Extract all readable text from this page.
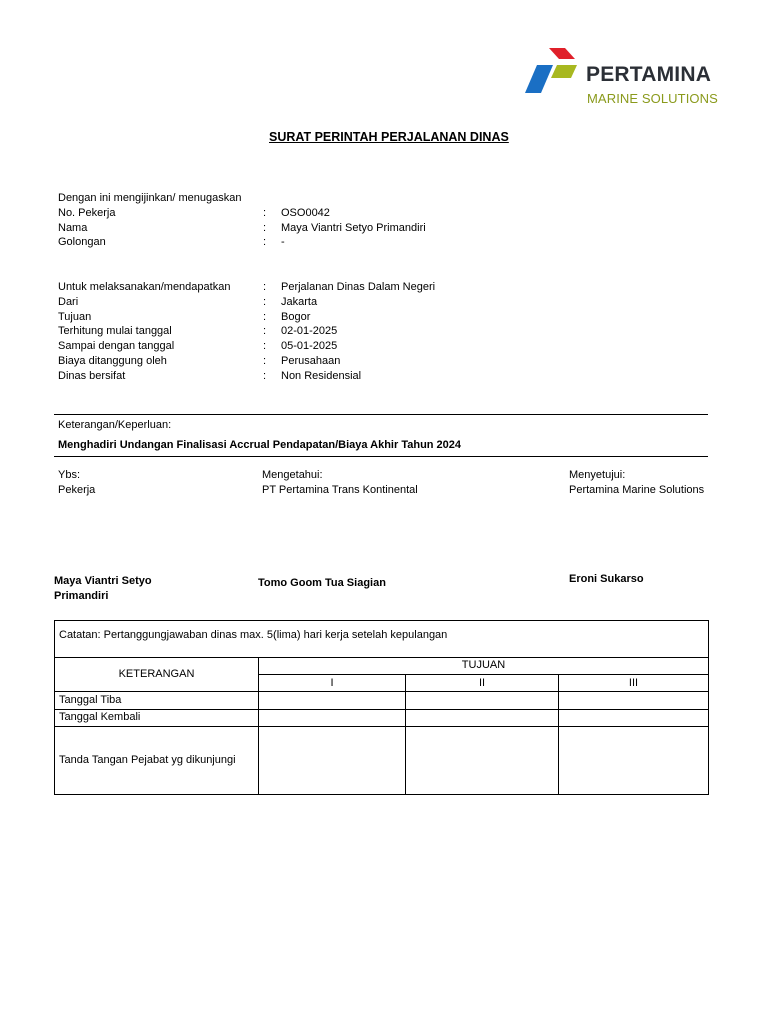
PERTAMINA
MARINE SOLUTIONS
SURAT PERINTAH PERJALANAN DINAS
Dengan ini mengijinkan/ menugaskan
No. Pekerja	: OSO0042
Nama	: Maya Viantri Setyo Primandiri
Golongan	: -
Untuk melaksanakan/mendapatkan	: Perjalanan Dinas Dalam Negeri
Dari	: Jakarta
Tujuan	: Bogor
Terhitung mulai tanggal	: 02-01-2025
Sampai dengan tanggal	: 05-01-2025
Biaya ditanggung oleh	: Perusahaan
Dinas bersifat	: Non Residensial
Keterangan/Keperluan:
Menghadiri Undangan Finalisasi Accrual Pendapatan/Biaya Akhir Tahun 2024
Ybs:
Pekerja
Mengetahui:
PT Pertamina Trans Kontinental
Menyetujui:
Pertamina Marine Solutions
Maya Viantri Setyo
Primandiri
Tomo Goom Tua Siagian	Eroni Sukarso
Catatan: Pertanggungjawaban dinas max. 5(lima) hari kerja setelah kepulangan
KETERANGAN
TUJUAN
I	II	III
Tanggal Tiba
Tanggal Kembali
Tanda Tangan Pejabat yg dikunjungi
